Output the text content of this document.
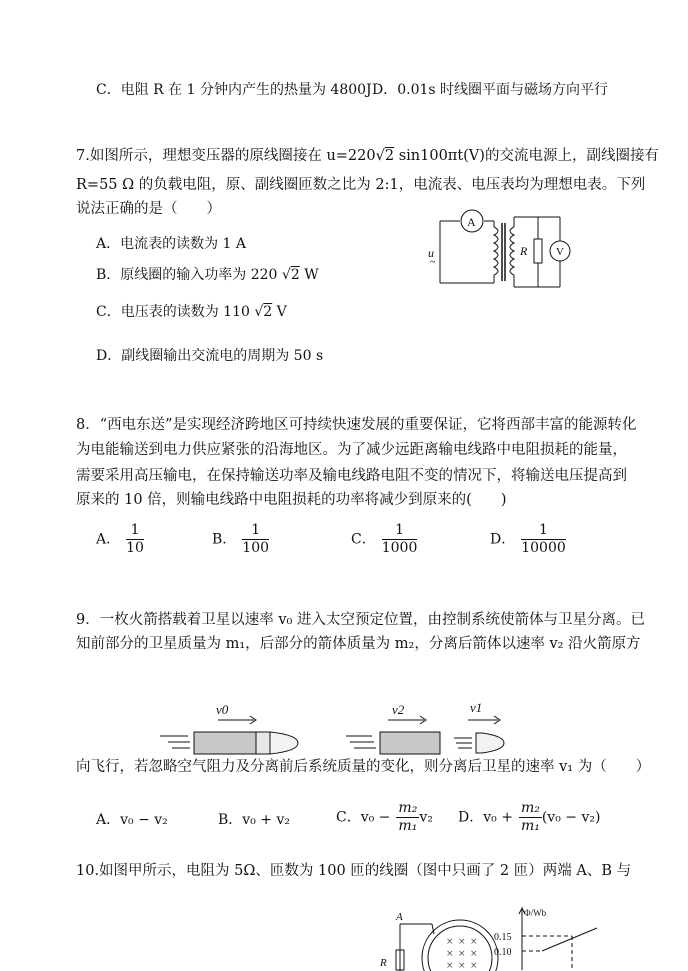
C．电阻 R 在 1 分钟内产生的热量为 4800J D．0.01s 时线圈平面与磁场方向平行
7.如图所示，理想变压器的原线圈接在 u=220√2 sin100πt(V)的交流电源上，副线圈接有
R=55 Ω 的负载电阻，原、副线圈匝数之比为 2:1，电流表、电压表均为理想电表。下列
说法正确的是（　　）
A．电流表的读数为 1 A
B．原线圈的输入功率为 220 √2 W
C．电压表的读数为 110 √2 V
D．副线圈输出交流电的周期为 50 s
A
V
R
u
~
8．“西电东送”是实现经济跨地区可持续快速发展的重要保证，它将西部丰富的能源转化
为电能输送到电力供应紧张的沿海地区。为了减少远距离输电线路中电阻损耗的能量，
需要采用高压输电，在保持输送功率及输电线路电阻不变的情况下，将输送电压提高到
原来的 10 倍，则输电线路中电阻损耗的功率将减少到原来的(　　)
A． $\frac{1}{10}$	B． $\frac{1}{100}$	C． $\frac{1}{1000}$	D． $\frac{1}{10000}$
9．一枚火箭搭载着卫星以速率 v₀ 进入太空预定位置，由控制系统使箭体与卫星分离。已
知前部分的卫星质量为 m₁，后部分的箭体质量为 m₂，分离后箭体以速率 v₂ 沿火箭原方
v0	v2	v1
向飞行，若忽略空气阻力及分离前后系统质量的变化，则分离后卫星的速率 v₁ 为（　　）
A．v₀ − v₂	B．v₀ + v₂	C．$v_0 - \frac{\text{m₂}}{\text{m₁}} v_2$ D．$v_0 + \frac{\text{m₂}}{\text{m₁}} (v_0 - v_2)$
10.如图甲所示，电阻为 5Ω、匝数为 100 匝的线圈（图中只画了 2 匝）两端 A、B 与
× × ×
× × ×
× × ×
A
R
Φ/Wb
0.15
0.10
